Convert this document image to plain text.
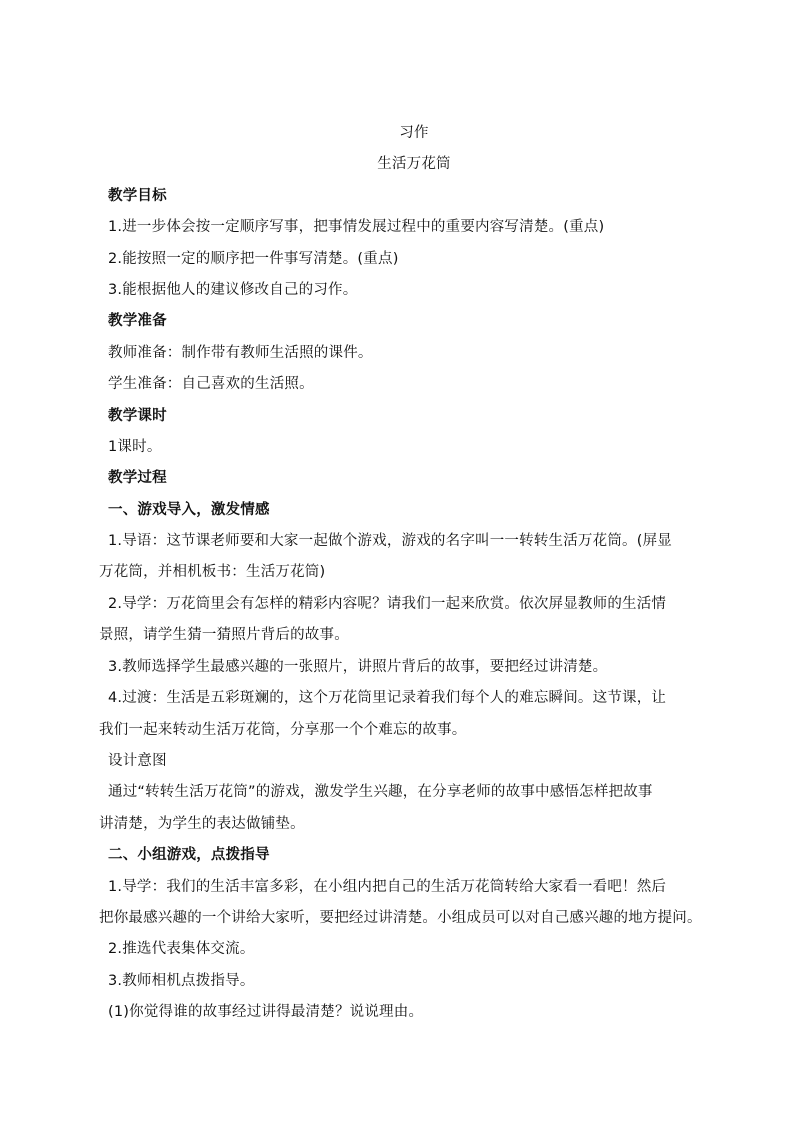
习作
生活万花筒
教学目标
1.进一步体会按一定顺序写事，把事情发展过程中的重要内容写清楚。(重点)
2.能按照一定的顺序把一件事写清楚。(重点)
3.能根据他人的建议修改自己的习作。
教学准备
教师准备：制作带有教师生活照的课件。
学生准备：自己喜欢的生活照。
教学课时
1课时。
教学过程
一、游戏导入，激发情感
1.导语：这节课老师要和大家一起做个游戏，游戏的名字叫一一转转生活万花筒。(屏显
万花筒，并相机板书：生活万花筒)
2.导学：万花筒里会有怎样的精彩内容呢？请我们一起来欣赏。依次屏显教师的生活情
景照，请学生猜一猜照片背后的故事。
3.教师选择学生最感兴趣的一张照片，讲照片背后的故事，要把经过讲清楚。
4.过渡：生活是五彩斑斓的，这个万花筒里记录着我们每个人的难忘瞬间。这节课，让
我们一起来转动生活万花筒，分享那一个个难忘的故事。
设计意图
通过“转转生活万花筒”的游戏，激发学生兴趣，在分享老师的故事中感悟怎样把故事
讲清楚，为学生的表达做铺垫。
二、小组游戏，点拨指导
1.导学：我们的生活丰富多彩，在小组内把自己的生活万花筒转给大家看一看吧！然后
把你最感兴趣的一个讲给大家听，要把经过讲清楚。小组成员可以对自己感兴趣的地方提问。
2.推选代表集体交流。
3.教师相机点拨指导。
(1)你觉得谁的故事经过讲得最清楚？说说理由。
